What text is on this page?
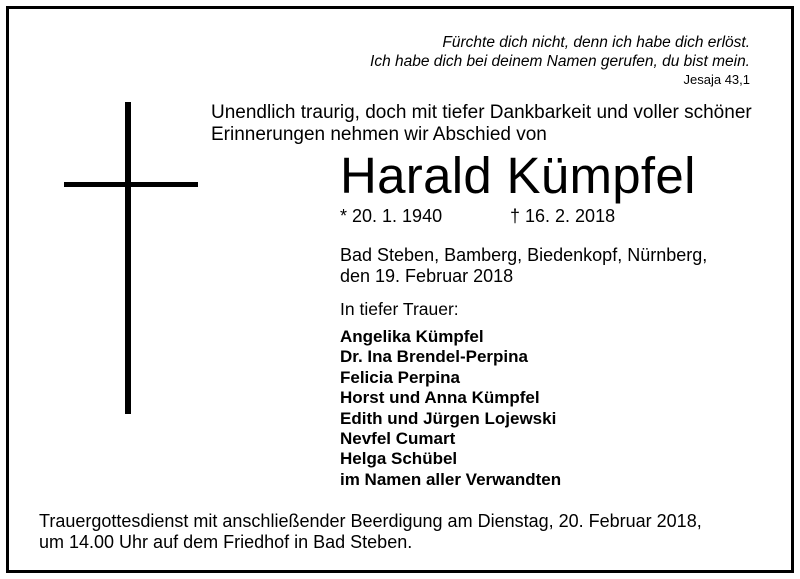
Fürchte dich nicht, denn ich habe dich erlöst.
Ich habe dich bei deinem Namen gerufen, du bist mein.
Jesaja 43,1
Unendlich traurig, doch mit tiefer Dankbarkeit und voller schöner
Erinnerungen nehmen wir Abschied von
Harald Kümpfel
* 20. 1. 1940	† 16. 2. 2018
Bad Steben, Bamberg, Biedenkopf, Nürnberg,
den 19. Februar 2018
In tiefer Trauer:
Angelika Kümpfel
Dr. Ina Brendel-Perpina
Felicia Perpina
Horst und Anna Kümpfel
Edith und Jürgen Lojewski
Nevfel Cumart
Helga Schübel
im Namen aller Verwandten
Trauergottesdienst mit anschließender Beerdigung am Dienstag, 20. Februar 2018,
um 14.00 Uhr auf dem Friedhof in Bad Steben.
